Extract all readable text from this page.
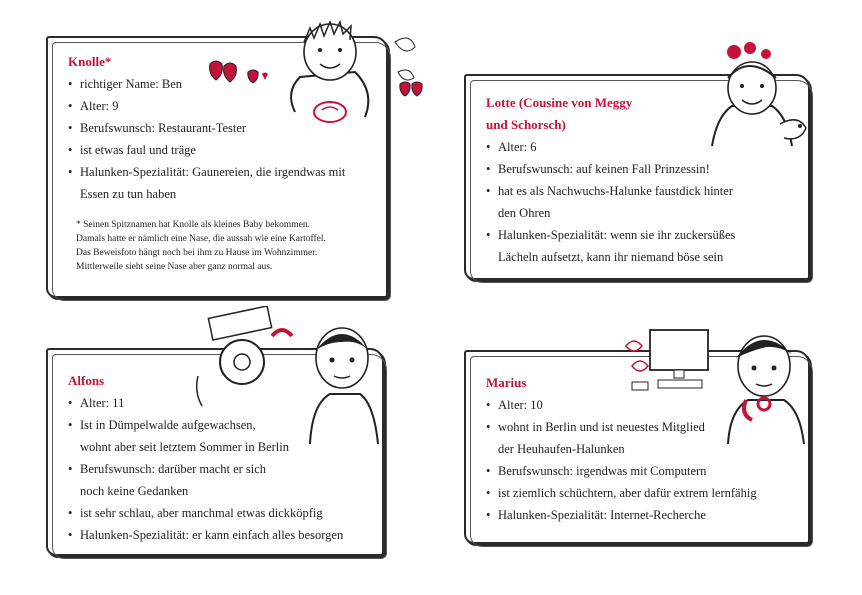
Knolle*
• richtiger Name: Ben
• Alter: 9
• Berufswunsch: Restaurant-Tester
• ist etwas faul und träge
• Halunken-Spezialität: Gaunereien, die irgendwas mit
Essen zu tun haben
* Seinen Spitznamen hat Knolle als kleines Baby bekommen.
Damals hatte er nämlich eine Nase, die aussah wie eine Kartoffel.
Das Beweisfoto hängt noch bei ihm zu Hause im Wohnzimmer.
Mittlerweile sieht seine Nase aber ganz normal aus.
Lotte (Cousine von Meggy
und Schorsch)
• Alter: 6
• Berufswunsch: auf keinen Fall Prinzessin!
• hat es als Nachwuchs-Halunke faustdick hinter
den Ohren
• Halunken-Spezialität: wenn sie ihr zuckersüßes
Lächeln aufsetzt, kann ihr niemand böse sein
Alfons
• Alter: 11
• Ist in Dümpelwalde aufgewachsen,
wohnt aber seit letztem Sommer in Berlin
• Berufswunsch: darüber macht er sich
noch keine Gedanken
• ist sehr schlau, aber manchmal etwas dickköpfig
• Halunken-Spezialität: er kann einfach alles besorgen
Marius
• Alter: 10
• wohnt in Berlin und ist neuestes Mitglied
der Heuhaufen-Halunken
• Berufswunsch: irgendwas mit Computern
• ist ziemlich schüchtern, aber dafür extrem lernfähig
• Halunken-Spezialität: Internet-Recherche
